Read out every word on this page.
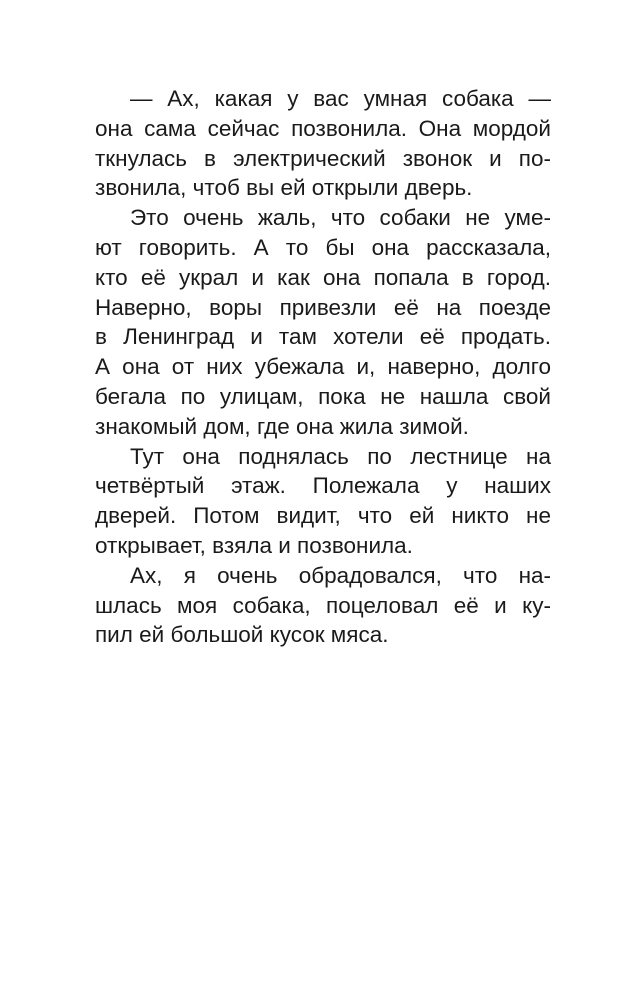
— Ах, какая у вас умная собака —
она сама сейчас позвонила. Она мордой
ткнулась в электрический звонок и по-
звонила, чтоб вы ей открыли дверь.
Это очень жаль, что собаки не уме-
ют говорить. А то бы она рассказала,
кто её украл и как она попала в город.
Наверно, воры привезли её на поезде
в Ленинград и там хотели её продать.
А она от них убежала и, наверно, долго
бегала по улицам, пока не нашла свой
знакомый дом, где она жила зимой.
Тут она поднялась по лестнице на
четвёртый этаж. Полежала у наших
дверей. Потом видит, что ей никто не
открывает, взяла и позвонила.
Ах, я очень обрадовался, что на-
шлась моя собака, поцеловал её и ку-
пил ей большой кусок мяса.
